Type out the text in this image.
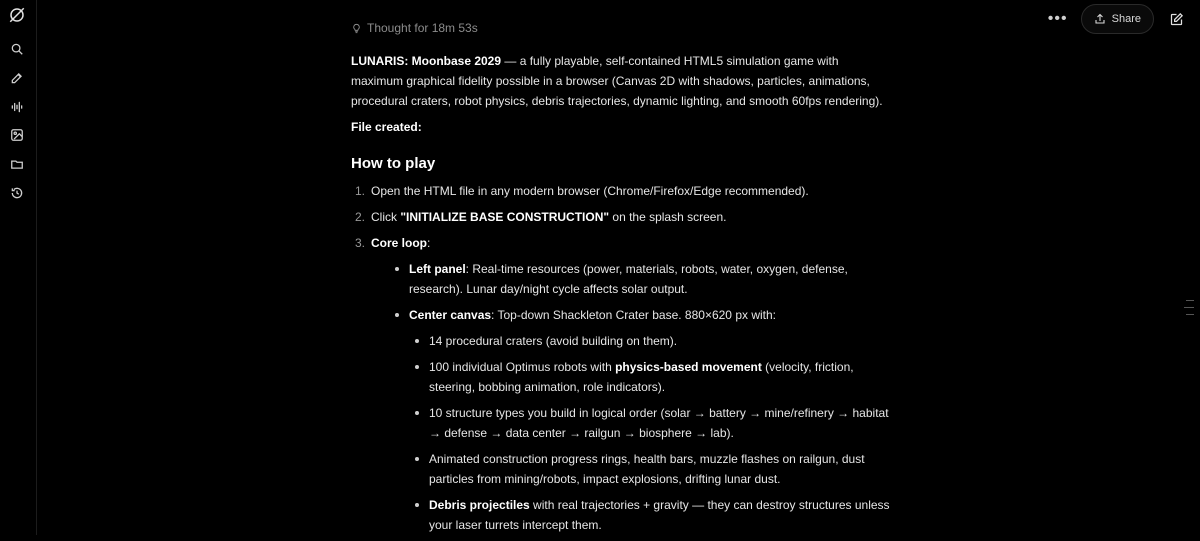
•••	Share
Thought for 18m 53s

LUNARIS: Moonbase 2029 — a fully playable, self-contained HTML5 simulation game with maximum graphical fidelity possible in a browser (Canvas 2D with shadows, particles, animations, procedural craters, robot physics, debris trajectories, dynamic lighting, and smooth 60fps rendering).

File created:

How to play
1. Open the HTML file in any modern browser (Chrome/Firefox/Edge recommended).
2. Click "INITIALIZE BASE CONSTRUCTION" on the splash screen.
3. Core loop:
Left panel: Real-time resources (power, materials, robots, water, oxygen, defense, research). Lunar day/night cycle affects solar output.
Center canvas: Top-down Shackleton Crater base. 880×620 px with:
14 procedural craters (avoid building on them).
100 individual Optimus robots with physics-based movement (velocity, friction, steering, bobbing animation, role indicators).
10 structure types you build in logical order (solar → battery → mine/refinery → habitat → defense → data center → railgun → biosphere → lab).
Animated construction progress rings, health bars, muzzle flashes on railgun, dust particles from mining/robots, impact explosions, drifting lunar dust.
Debris projectiles with real trajectories + gravity — they can destroy structures unless your laser turrets intercept them.
